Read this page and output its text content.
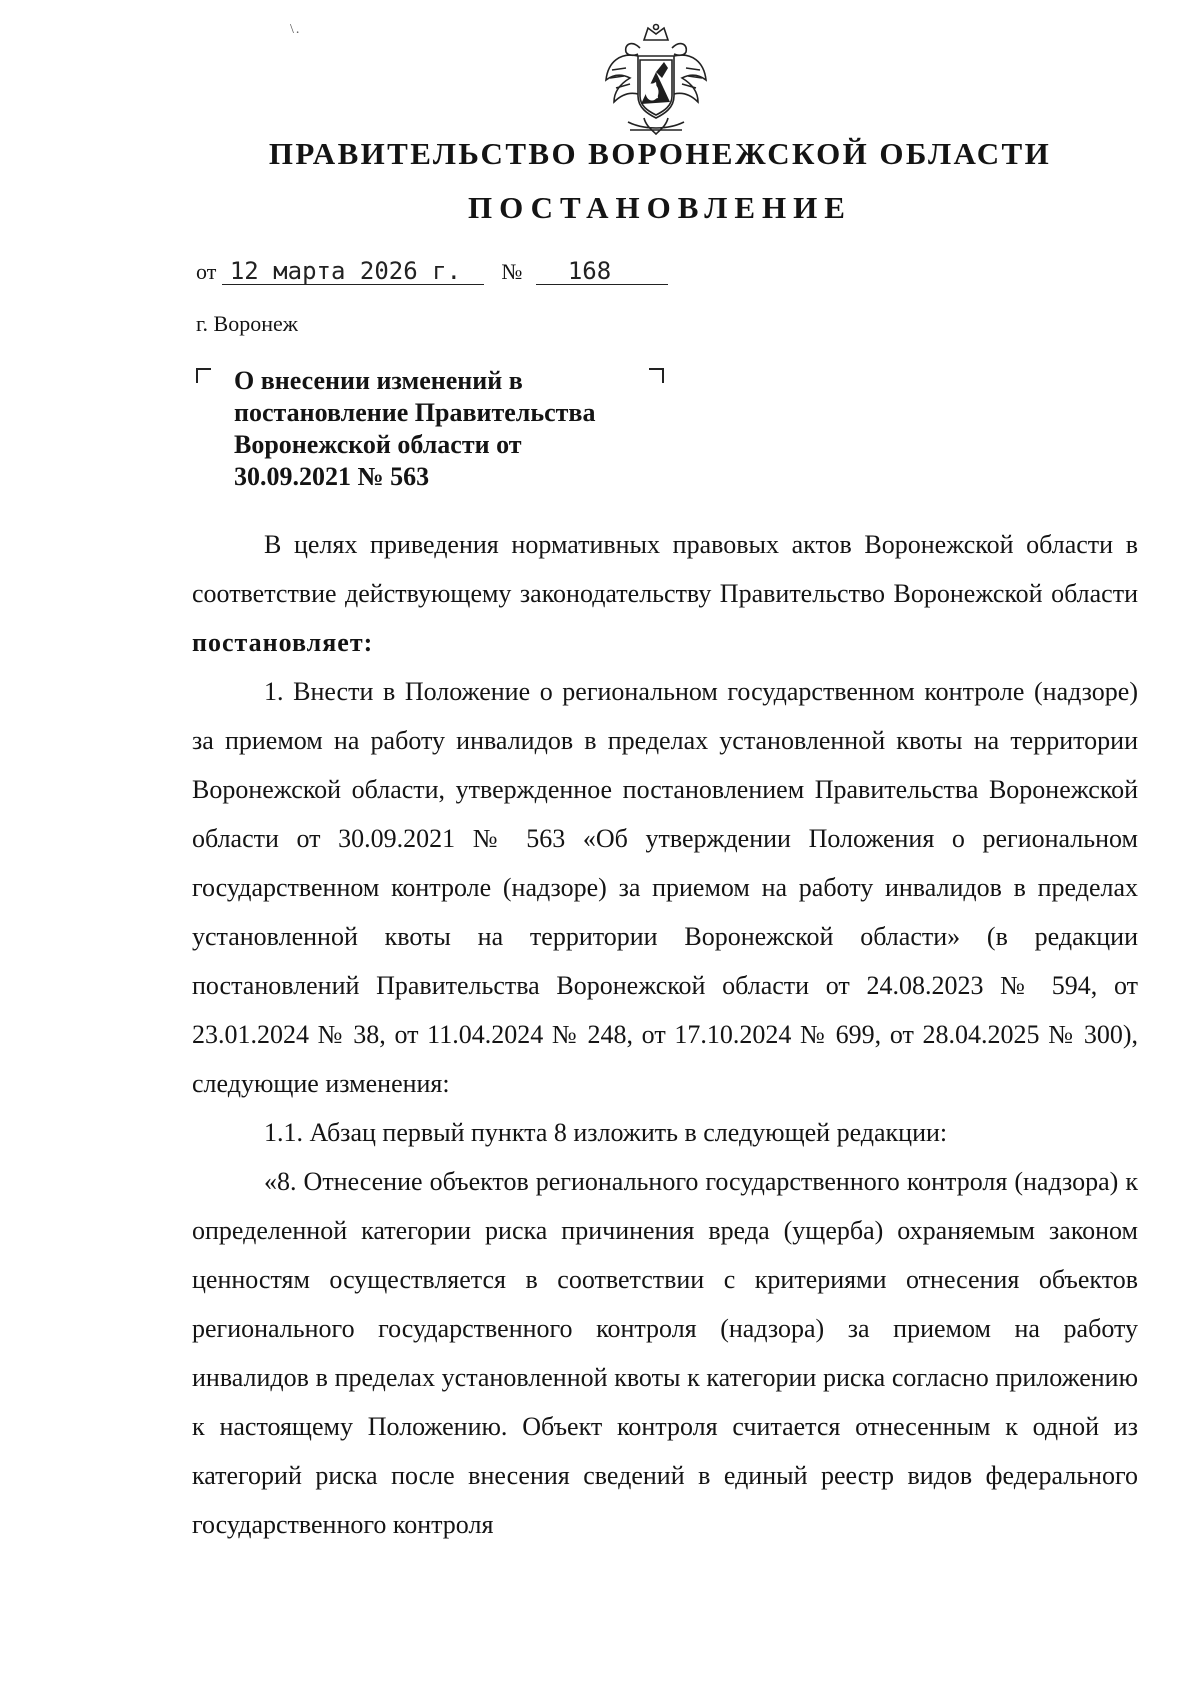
\.
ПРАВИТЕЛЬСТВО ВОРОНЕЖСКОЙ ОБЛАСТИ
ПОСТАНОВЛЕНИЕ
от 12 марта 2026 г. № 168
г. Воронеж
О внесении изменений в
постановление Правительства
Воронежской области от
30.09.2021 № 563

В целях приведения нормативных правовых актов Воронежской области в соответствие действующему законодательству Правительство Воронежской области постановляет:

1. Внести в Положение о региональном государственном контроле (надзоре) за приемом на работу инвалидов в пределах установленной квоты на территории Воронежской области, утвержденное постановлением Правительства Воронежской области от 30.09.2021 № 563 «Об утверждении Положения о региональном государственном контроле (надзоре) за приемом на работу инвалидов в пределах установленной квоты на территории Воронежской области» (в редакции постановлений Правительства Воронежской области от 24.08.2023 № 594, от 23.01.2024 № 38, от 11.04.2024 № 248, от 17.10.2024 № 699, от 28.04.2025 № 300), следующие изменения:

1.1. Абзац первый пункта 8 изложить в следующей редакции:

«8. Отнесение объектов регионального государственного контроля (надзора) к определенной категории риска причинения вреда (ущерба) охраняемым законом ценностям осуществляется в соответствии с критериями отнесения объектов регионального государственного контроля (надзора) за приемом на работу инвалидов в пределах установленной квоты к категории риска согласно приложению к настоящему Положению. Объект контроля считается отнесенным к одной из категорий риска после внесения сведений в единый реестр видов федерального государственного контроля
